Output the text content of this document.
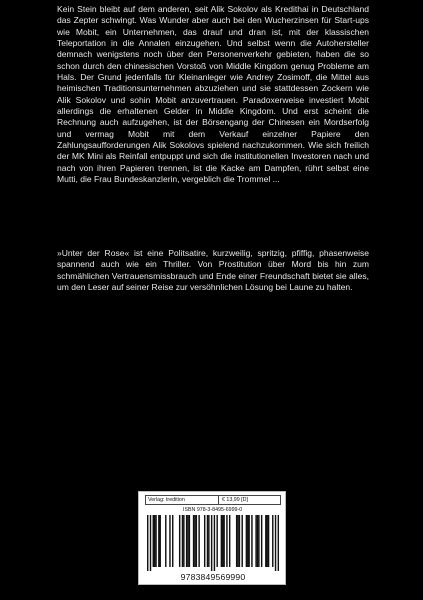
Kein Stein bleibt auf dem anderen, seit Alik Sokolov als Kredithai in Deutschland das Zepter schwingt. Was Wunder aber auch bei den Wucherzinsen für Start-ups wie Mobit, ein Unternehmen, das drauf und dran ist, mit der klassischen Teleportation in die Annalen einzugehen. Und selbst wenn die Autohersteller demnach wenigstens noch über den Personenverkehr gebieten, haben die so schon durch den chinesischen Vorstoß von Middle Kingdom genug Probleme am Hals. Der Grund jedenfalls für Kleinanleger wie Andrey Zosimoff, die Mittel aus heimischen Traditionsunternehmen abzuziehen und sie stattdessen Zockern wie Alik Sokolov und sohin Mobit anzuvertrauen. Paradoxerweise investiert Mobit allerdings die erhaltenen Gelder in Middle Kingdom. Und erst scheint die Rechnung auch aufzugehen, ist der Börsengang der Chinesen ein Mordserfolg und vermag Mobit mit dem Verkauf einzelner Papiere den Zahlungsaufforderungen Alik Sokolovs spielend nachzukommen. Wie sich freilich der MK Mini als Reinfall entpuppt und sich die institutionellen Investoren nach und nach von ihren Papieren trennen, ist die Kacke am Dampfen, rührt selbst eine Mutti, die Frau Bundeskanzlerin, vergeblich die Trommel ...

»Unter der Rose« ist eine Politsatire, kurzweilig, spritzig, pfiffig, phasenweise spannend auch wie ein Thriller. Von Prostitution über Mord bis hin zum schmählichen Vertrauensmissbrauch und Ende einer Freundschaft bietet sie alles, um den Leser auf seiner Reise zur versöhnlichen Lösung bei Laune zu halten.

Verlag: tredition	€ 13,99 [D]
ISBN 978-3-8495-6999-0
9783849569990
